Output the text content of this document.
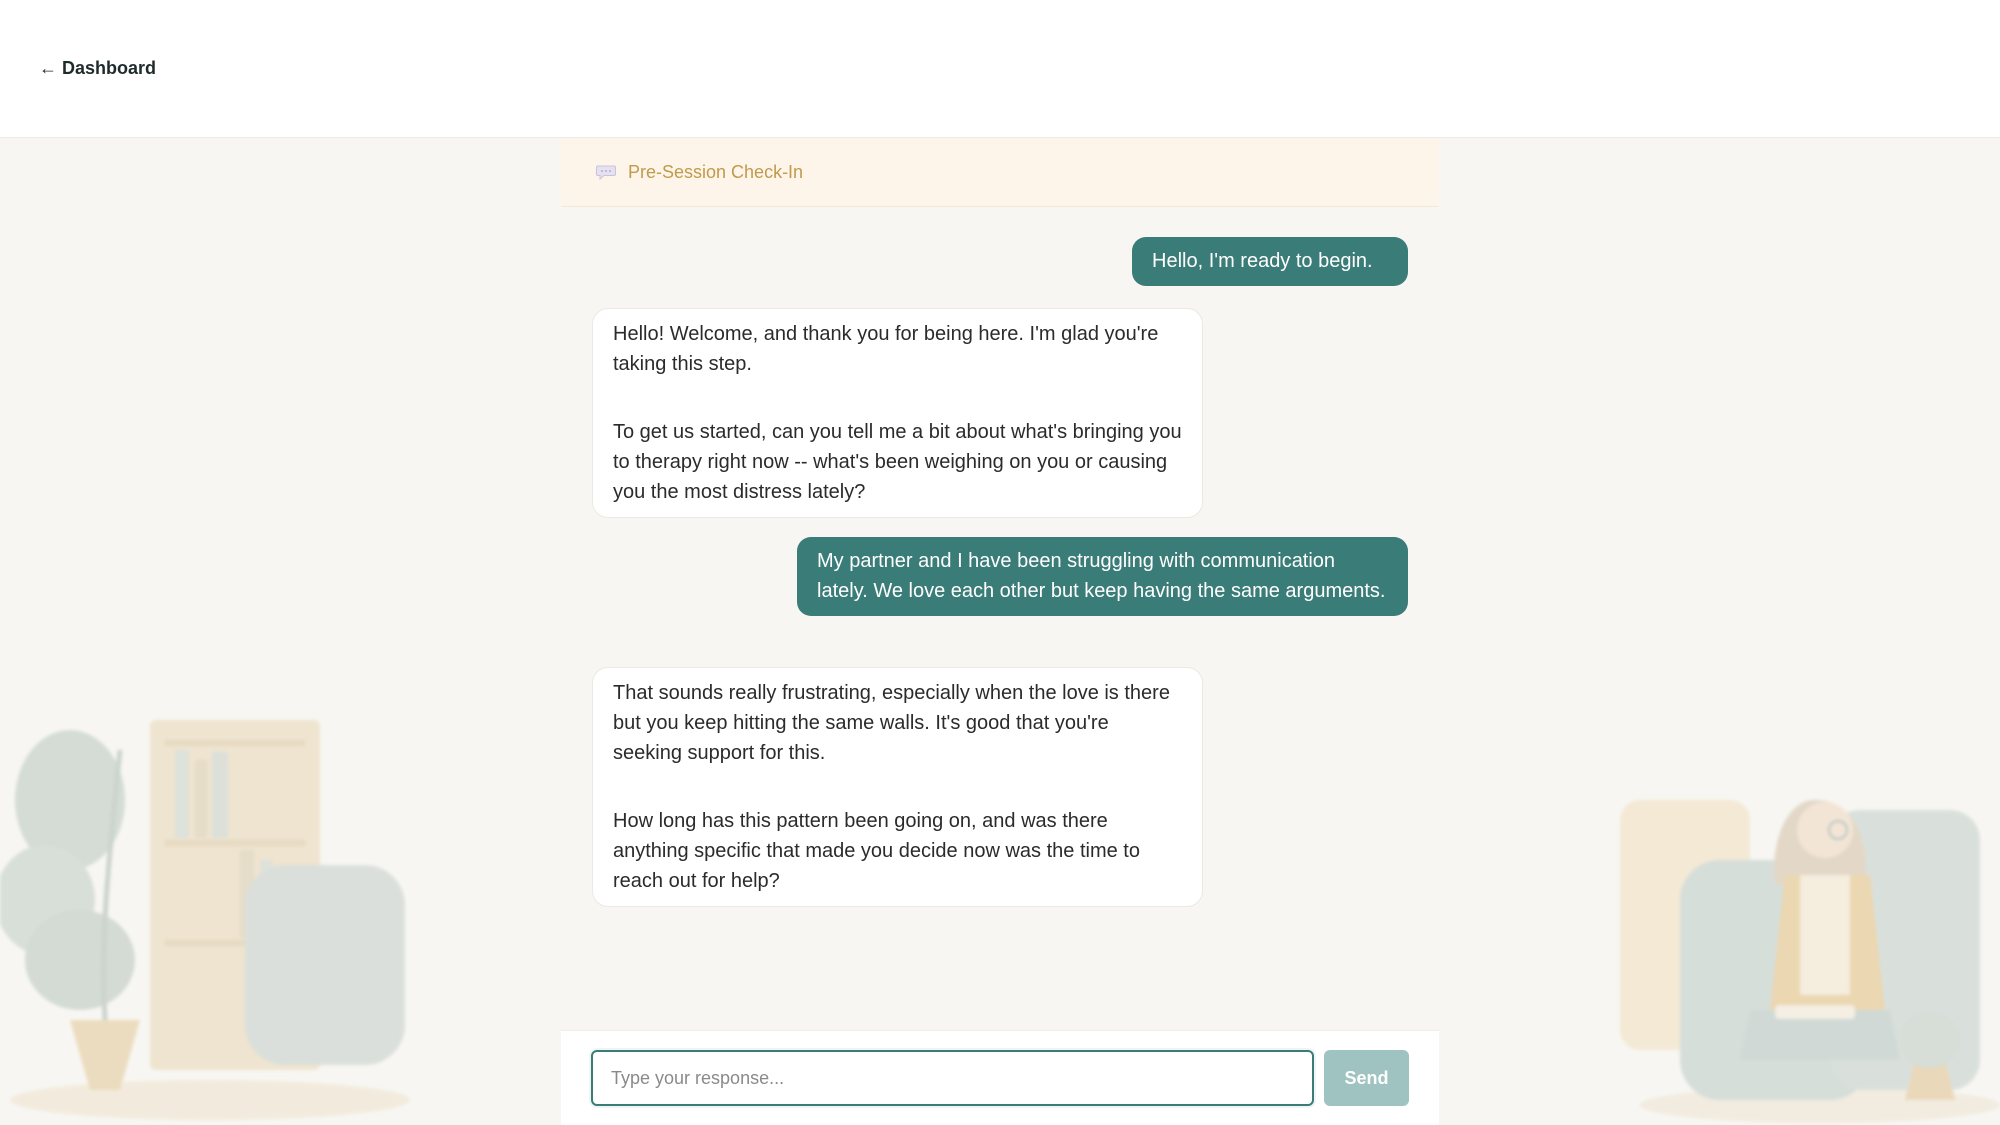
← Dashboard
Pre-Session Check-In

Hello, I'm ready to begin.

Hello! Welcome, and thank you for being here. I'm glad you're taking this step.

To get us started, can you tell me a bit about what's bringing you to therapy right now -- what's been weighing on you or causing you the most distress lately?

My partner and I have been struggling with communication lately. We love each other but keep having the same arguments.

That sounds really frustrating, especially when the love is there but you keep hitting the same walls. It's good that you're seeking support for this.

How long has this pattern been going on, and was there anything specific that made you decide now was the time to reach out for help?

Type your response...
Send
